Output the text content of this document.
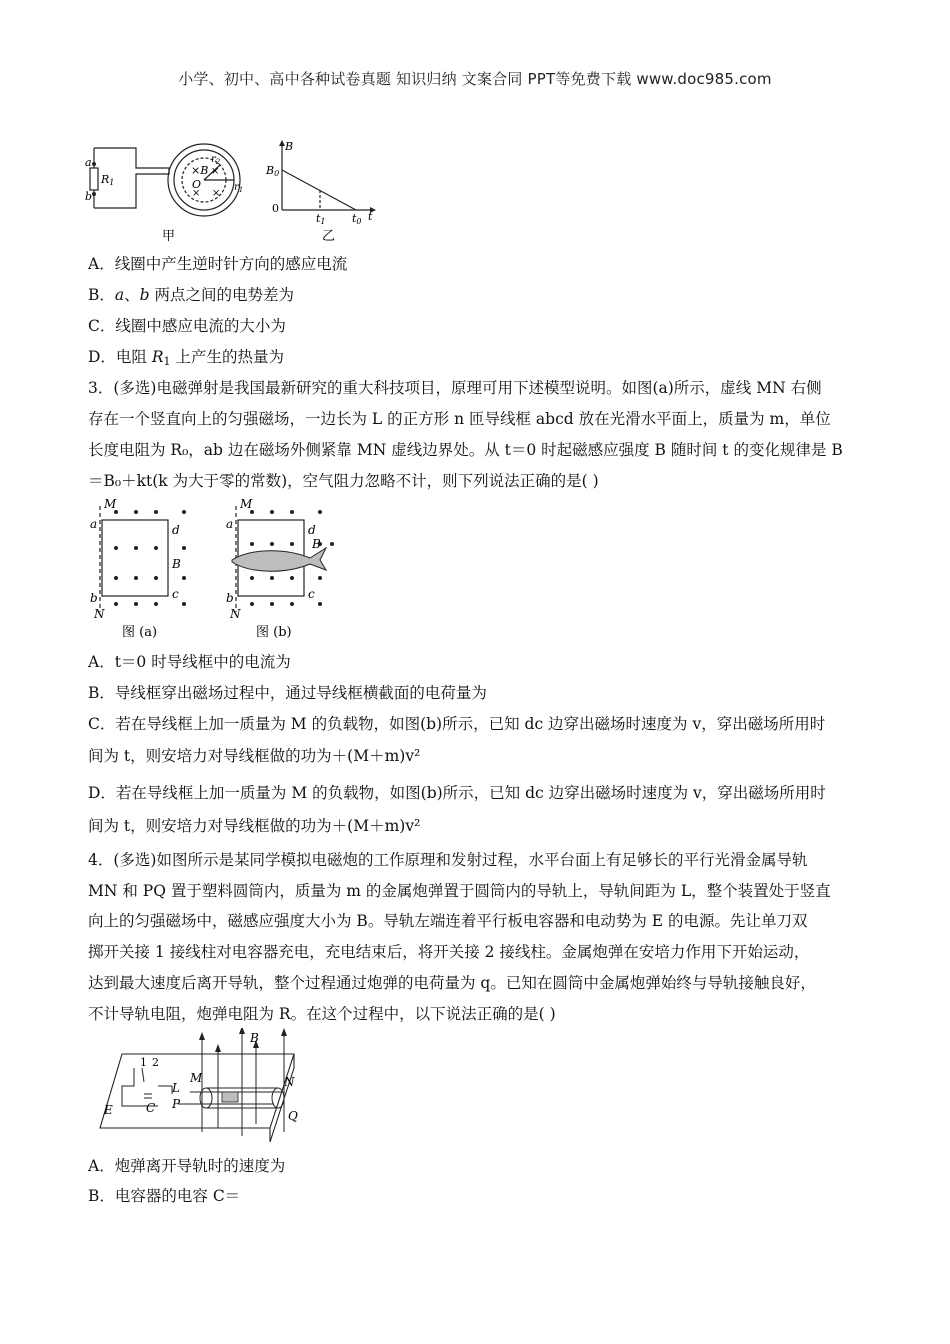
小学、初中、高中各种试卷真题 知识归纳 文案合同 PPT等免费下载 www.doc985.com
a
b
R1
×B
O
$r_2$
$r_1$
×
× ×
甲
B
B0
0
t1 t0 t
乙
A．线圈中产生逆时针方向的感应电流
B．a、b 两点之间的电势差为
C．线圈中感应电流的大小为
D．电阻 $R_1$ 上产生的热量为
3．(多选)电磁弹射是我国最新研究的重大科技项目，原理可用下述模型说明。如图(a)所示，虚线 MN 右侧
存在一个竖直向上的匀强磁场，一边长为 L 的正方形 n 匝导线框 abcd 放在光滑水平面上，质量为 m，单位
长度电阻为 R₀，ab 边在磁场外侧紧靠 MN 虚线边界处。从 t＝0 时起磁感应强度 B 随时间 t 的变化规律是 B
＝B₀＋kt(k 为大于零的常数)，空气阻力忽略不计，则下列说法正确的是( )
M
a
b
d
c
B
N
图 (a)
M
a
b
d
c
B
N
图 (b)
A．t＝0 时导线框中的电流为
B．导线框穿出磁场过程中，通过导线框横截面的电荷量为
C．若在导线框上加一质量为 M 的负载物，如图(b)所示，已知 dc 边穿出磁场时速度为 v，穿出磁场所用时
间为 t，则安培力对导线框做的功为＋(M＋m)v²
D．若在导线框上加一质量为 M 的负载物，如图(b)所示，已知 dc 边穿出磁场时速度为 v，穿出磁场所用时
间为 t，则安培力对导线框做的功为＋(M＋m)v²
4．(多选)如图所示是某同学模拟电磁炮的工作原理和发射过程，水平台面上有足够长的平行光滑金属导轨
MN 和 PQ 置于塑料圆筒内，质量为 m 的金属炮弹置于圆筒内的导轨上，导轨间距为 L，整个装置处于竖直
向上的匀强磁场中，磁感应强度大小为 B。导轨左端连着平行板电容器和电动势为 E 的电源。先让单刀双
掷开关接 1 接线柱对电容器充电，充电结束后，将开关接 2 接线柱。金属炮弹在安培力作用下开始运动，
达到最大速度后离开导轨，整个过程通过炮弹的电荷量为 q。已知在圆筒中金属炮弹始终与导轨接触良好，
不计导轨电阻，炮弹电阻为 R。在这个过程中，以下说法正确的是( )
1 2
E	C
L
M
P
N
Q
B
A．炮弹离开导轨时的速度为
B．电容器的电容 C＝
